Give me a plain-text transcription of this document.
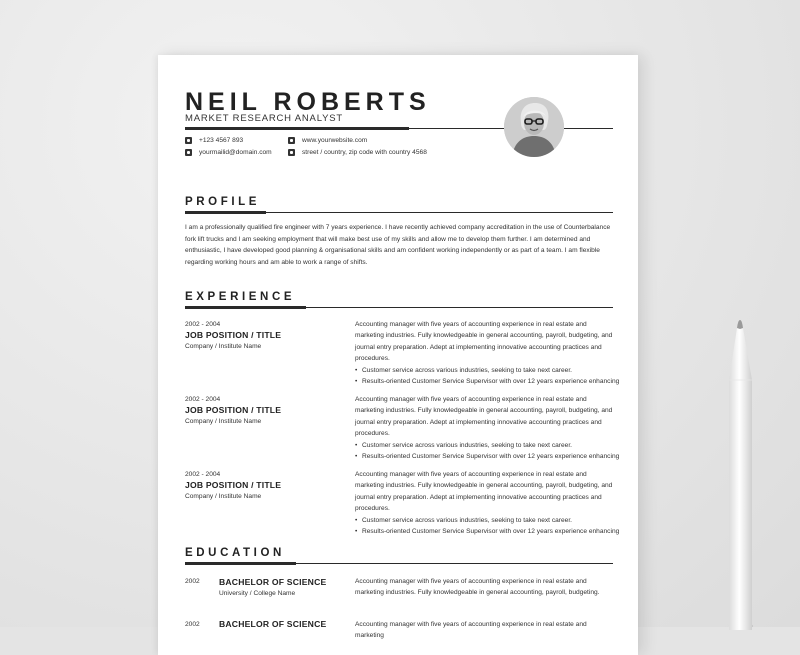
NEIL ROBERTS
MARKET RESEARCH ANALYST
+123 4567 893
yourmailid@domain.com
www.yourwebsite.com
street / country, zip code with country 4568
PROFILE
I am a professionally qualified fire engineer with 7 years experience. I have recently achieved company accreditation in the use of Counterbalance fork lift trucks and I am seeking employment that will make best use of my skills and allow me to develop them further. I am determined and enthusiastic, I have developed good planning & organisational skills and am confident working independently or as part of a team. I am flexible regarding working hours and am able to work a range of shifts.
EXPERIENCE
2002 - 2004
JOB POSITION / TITLE
Company / Institute Name
Accounting manager with five years of accounting experience in real estate and marketing industries. Fully knowledgeable in general accounting, payroll, budgeting, and journal entry preparation. Adept at implementing innovative accounting practices and procedures.
• Customer service across various industries, seeking to take next career.
• Results-oriented Customer Service Supervisor with over 12 years experience enhancing
2002 - 2004
JOB POSITION / TITLE
Company / Institute Name
Accounting manager with five years of accounting experience in real estate and marketing industries. Fully knowledgeable in general accounting, payroll, budgeting, and journal entry preparation. Adept at implementing innovative accounting practices and procedures.
• Customer service across various industries, seeking to take next career.
• Results-oriented Customer Service Supervisor with over 12 years experience enhancing
2002 - 2004
JOB POSITION / TITLE
Company / Institute Name
Accounting manager with five years of accounting experience in real estate and marketing industries. Fully knowledgeable in general accounting, payroll, budgeting, and journal entry preparation. Adept at implementing innovative accounting practices and procedures.
• Customer service across various industries, seeking to take next career.
• Results-oriented Customer Service Supervisor with over 12 years experience enhancing
EDUCATION
2002 BACHELOR OF SCIENCE
University / College Name
Accounting manager with five years of accounting experience in real estate and marketing industries. Fully knowledgeable in general accounting, payroll, budgeting.
2002 BACHELOR OF SCIENCE	Accounting manager with five years of accounting experience in real estate and marketing
